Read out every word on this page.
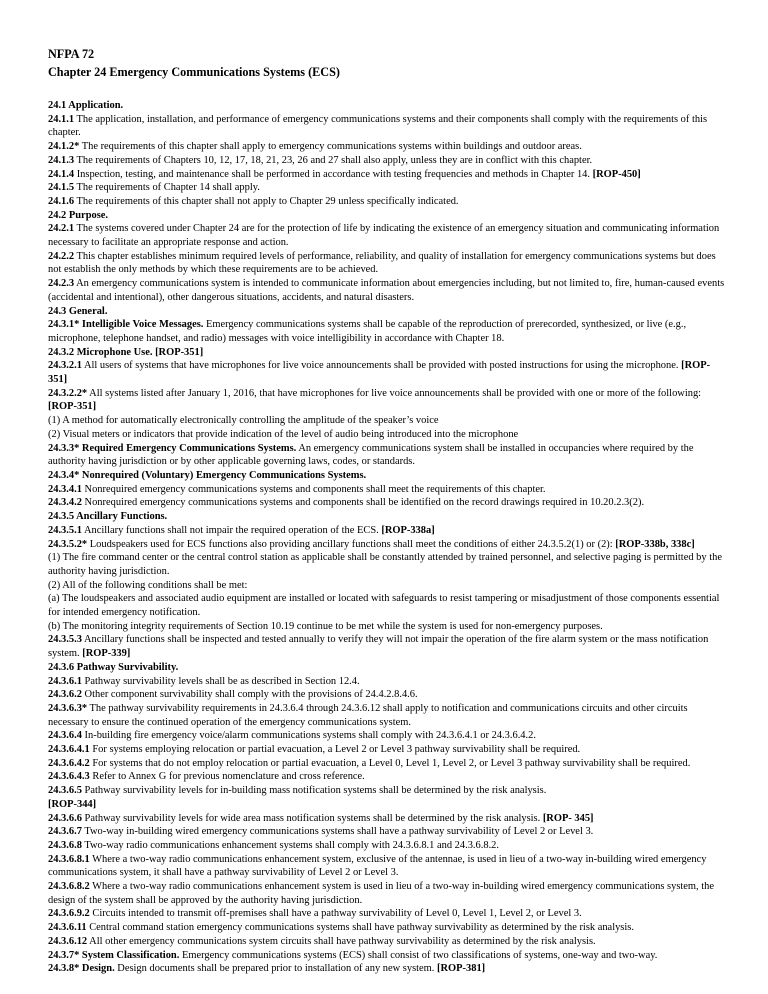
NFPA 72
Chapter 24 Emergency Communications Systems (ECS)

24.1 Application.

24.1.1 The application, installation, and performance of emergency communications systems and their components shall comply with the requirements of this chapter.

24.1.2* The requirements of this chapter shall apply to emergency communications systems within buildings and outdoor areas.

24.1.3 The requirements of Chapters 10, 12, 17, 18, 21, 23, 26 and 27 shall also apply, unless they are in conflict with this chapter.

24.1.4 Inspection, testing, and maintenance shall be performed in accordance with testing frequencies and methods in Chapter 14. [ROP-450]

24.1.5 The requirements of Chapter 14 shall apply.

24.1.6 The requirements of this chapter shall not apply to Chapter 29 unless specifically indicated.

24.2 Purpose.

24.2.1 The systems covered under Chapter 24 are for the protection of life by indicating the existence of an emergency situation and communicating information necessary to facilitate an appropriate response and action.

24.2.2 This chapter establishes minimum required levels of performance, reliability, and quality of installation for emergency communications systems but does not establish the only methods by which these requirements are to be achieved.

24.2.3 An emergency communications system is intended to communicate information about emergencies including, but not limited to, fire, human-caused events (accidental and intentional), other dangerous situations, accidents, and natural disasters.

24.3 General.

24.3.1* Intelligible Voice Messages. Emergency communications systems shall be capable of the reproduction of prerecorded, synthesized, or live (e.g., microphone, telephone handset, and radio) messages with voice intelligibility in accordance with Chapter 18.

24.3.2 Microphone Use. [ROP-351]

24.3.2.1 All users of systems that have microphones for live voice announcements shall be provided with posted instructions for using the microphone. [ROP-351]

24.3.2.2* All systems listed after January 1, 2016, that have microphones for live voice announcements shall be provided with one or more of the following: [ROP-351]

(1) A method for automatically electronically controlling the amplitude of the speaker’s voice

(2) Visual meters or indicators that provide indication of the level of audio being introduced into the microphone

24.3.3* Required Emergency Communications Systems. An emergency communications system shall be installed in occupancies where required by the authority having jurisdiction or by other applicable governing laws, codes, or standards.

24.3.4* Nonrequired (Voluntary) Emergency Communications Systems.

24.3.4.1 Nonrequired emergency communications systems and components shall meet the requirements of this chapter.

24.3.4.2 Nonrequired emergency communications systems and components shall be identified on the record drawings required in 10.20.2.3(2).

24.3.5 Ancillary Functions.

24.3.5.1 Ancillary functions shall not impair the required operation of the ECS. [ROP-338a]

24.3.5.2* Loudspeakers used for ECS functions also providing ancillary functions shall meet the conditions of either 24.3.5.2(1) or (2): [ROP-338b, 338c]

(1) The fire command center or the central control station as applicable shall be constantly attended by trained personnel, and selective paging is permitted by the authority having jurisdiction.

(2) All of the following conditions shall be met:

(a) The loudspeakers and associated audio equipment are installed or located with safeguards to resist tampering or misadjustment of those components essential for intended emergency notification.

(b) The monitoring integrity requirements of Section 10.19 continue to be met while the system is used for non-emergency purposes.

24.3.5.3 Ancillary functions shall be inspected and tested annually to verify they will not impair the operation of the fire alarm system or the mass notification system. [ROP-339]

24.3.6 Pathway Survivability.

24.3.6.1 Pathway survivability levels shall be as described in Section 12.4.

24.3.6.2 Other component survivability shall comply with the provisions of 24.4.2.8.4.6.

24.3.6.3* The pathway survivability requirements in 24.3.6.4 through 24.3.6.12 shall apply to notification and communications circuits and other circuits necessary to ensure the continued operation of the emergency communications system.

24.3.6.4 In-building fire emergency voice/alarm communications systems shall comply with 24.3.6.4.1 or 24.3.6.4.2.

24.3.6.4.1 For systems employing relocation or partial evacuation, a Level 2 or Level 3 pathway survivability shall be required.

24.3.6.4.2 For systems that do not employ relocation or partial evacuation, a Level 0, Level 1, Level 2, or Level 3 pathway survivability shall be required.

24.3.6.4.3 Refer to Annex G for previous nomenclature and cross reference.

24.3.6.5 Pathway survivability levels for in-building mass notification systems shall be determined by the risk analysis.

[ROP-344]

24.3.6.6 Pathway survivability levels for wide area mass notification systems shall be determined by the risk analysis. [ROP- 345]

24.3.6.7 Two-way in-building wired emergency communications systems shall have a pathway survivability of Level 2 or Level 3.

24.3.6.8 Two-way radio communications enhancement systems shall comply with 24.3.6.8.1 and 24.3.6.8.2.

24.3.6.8.1 Where a two-way radio communications enhancement system, exclusive of the antennae, is used in lieu of a two-way in-building wired emergency communications system, it shall have a pathway survivability of Level 2 or Level 3.

24.3.6.8.2 Where a two-way radio communications enhancement system is used in lieu of a two-way in-building wired emergency communications system, the design of the system shall be approved by the authority having jurisdiction.

24.3.6.9.2 Circuits intended to transmit off-premises shall have a pathway survivability of Level 0, Level 1, Level 2, or Level 3.

24.3.6.11 Central command station emergency communications systems shall have pathway survivability as determined by the risk analysis.

24.3.6.12 All other emergency communications system circuits shall have pathway survivability as determined by the risk analysis.

24.3.7* System Classification. Emergency communications systems (ECS) shall consist of two classifications of systems, one-way and two-way.

24.3.8* Design. Design documents shall be prepared prior to installation of any new system. [ROP-381]
